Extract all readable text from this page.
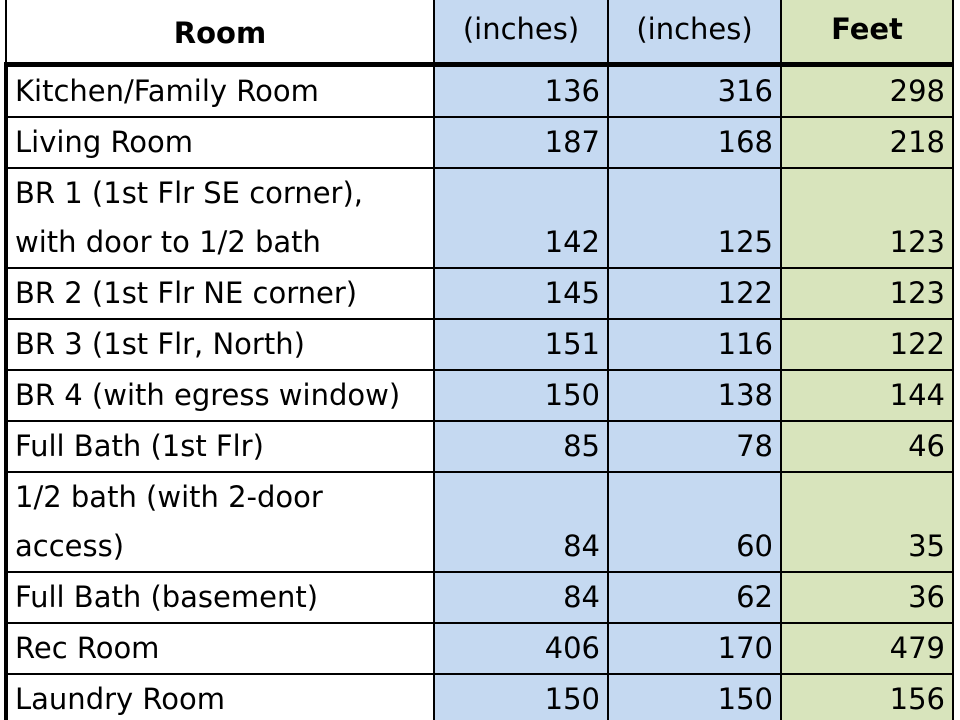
Room	(inches)	(inches)	Feet
Kitchen/Family Room	136	316	298
Living Room	187	168	218
BR 1 (1st Flr SE corner), with door to 1/2 bath	142	125	123
BR 2 (1st Flr NE corner)	145	122	123
BR 3 (1st Flr, North)	151	116	122
BR 4 (with egress window)	150	138	144
Full Bath (1st Flr)	85	78	46
1/2 bath (with 2-door access)	84	60	35
Full Bath (basement)	84	62	36
Rec Room	406	170	479
Laundry Room	150	150	156
